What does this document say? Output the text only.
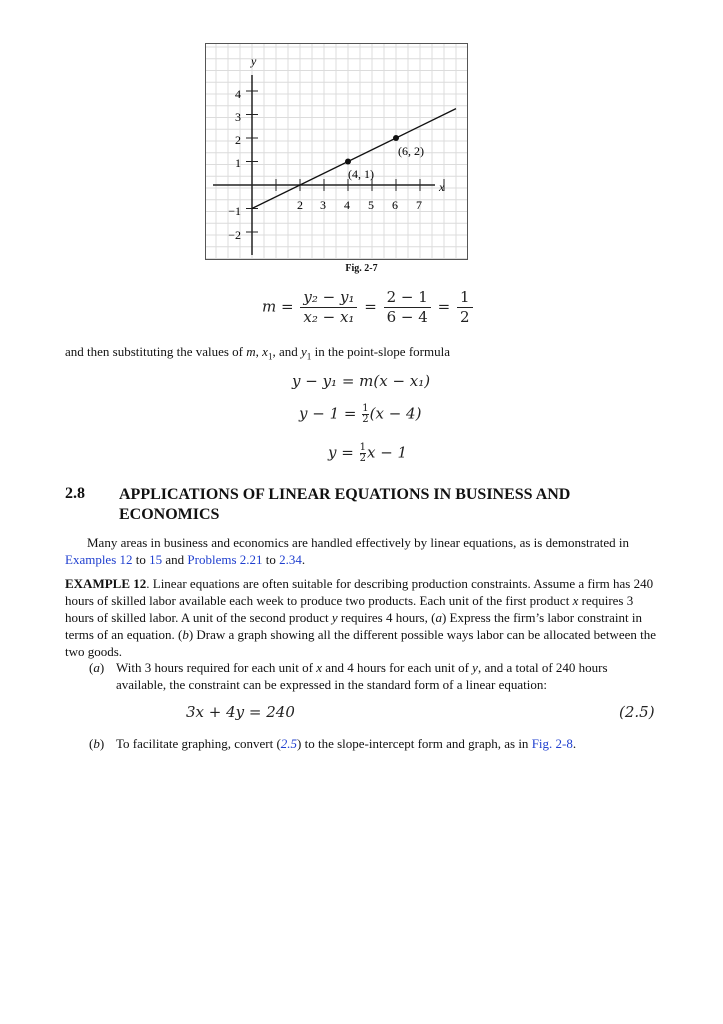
y
x
(4, 1)
(6, 2)
2 3 4 5 6 7
4
3
2
1
−1
−2
Fig. 2-7
$m = \frac{\text{y₂ − y₁}}{\text{x₂ − x₁}} = \frac{2 - 1}{6 - 4} = \frac{1}{2}$
and then substituting the values of m, $x_1$, and $y_1$ in the point-slope formula
y − y₁ = m(x − x₁)
$y - 1 = \frac{1}{2} (x - 4)$
$y = \frac{1}{2}$ x − 1
2.8 APPLICATIONS OF LINEAR EQUATIONS IN BUSINESS AND ECONOMICS
Many areas in business and economics are handled effectively by linear equations, as is demonstrated in Examples 12 to 15 and Problems 2.21 to 2.34.
EXAMPLE 12. Linear equations are often suitable for describing production constraints. Assume a firm has 240 hours of skilled labor available each week to produce two products. Each unit of the first product x requires 3 hours of skilled labor. A unit of the second product y requires 4 hours, (a) Express the firm’s labor constraint in terms of an equation. (b) Draw a graph showing all the different possible ways labor can be allocated between the two goods.
(a) With 3 hours required for each unit of x and 4 hours for each unit of y, and a total of 240 hours available, the constraint can be expressed in the standard form of a linear equation:
3x + 4y = 240	(2.5)
(b) To facilitate graphing, convert (2.5) to the slope-intercept form and graph, as in Fig. 2-8.
